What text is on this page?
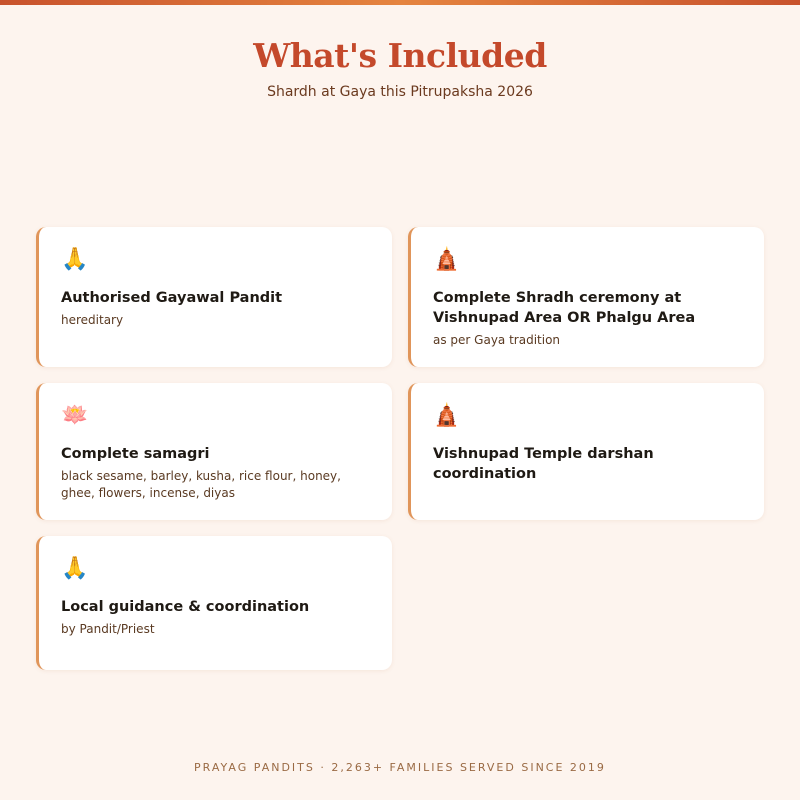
What's Included
Shardh at Gaya this Pitrupaksha 2026
🙏
Authorised Gayawal Pandit
hereditary
🛕
Complete Shradh ceremony at Vishnupad Area OR Phalgu Area
as per Gaya tradition
🪷
Complete samagri
black sesame, barley, kusha, rice flour, honey, ghee, flowers, incense, diyas
🛕
Vishnupad Temple darshan coordination
🙏
Local guidance & coordination
by Pandit/Priest
PRAYAG PANDITS · 2,263+ FAMILIES SERVED SINCE 2019
